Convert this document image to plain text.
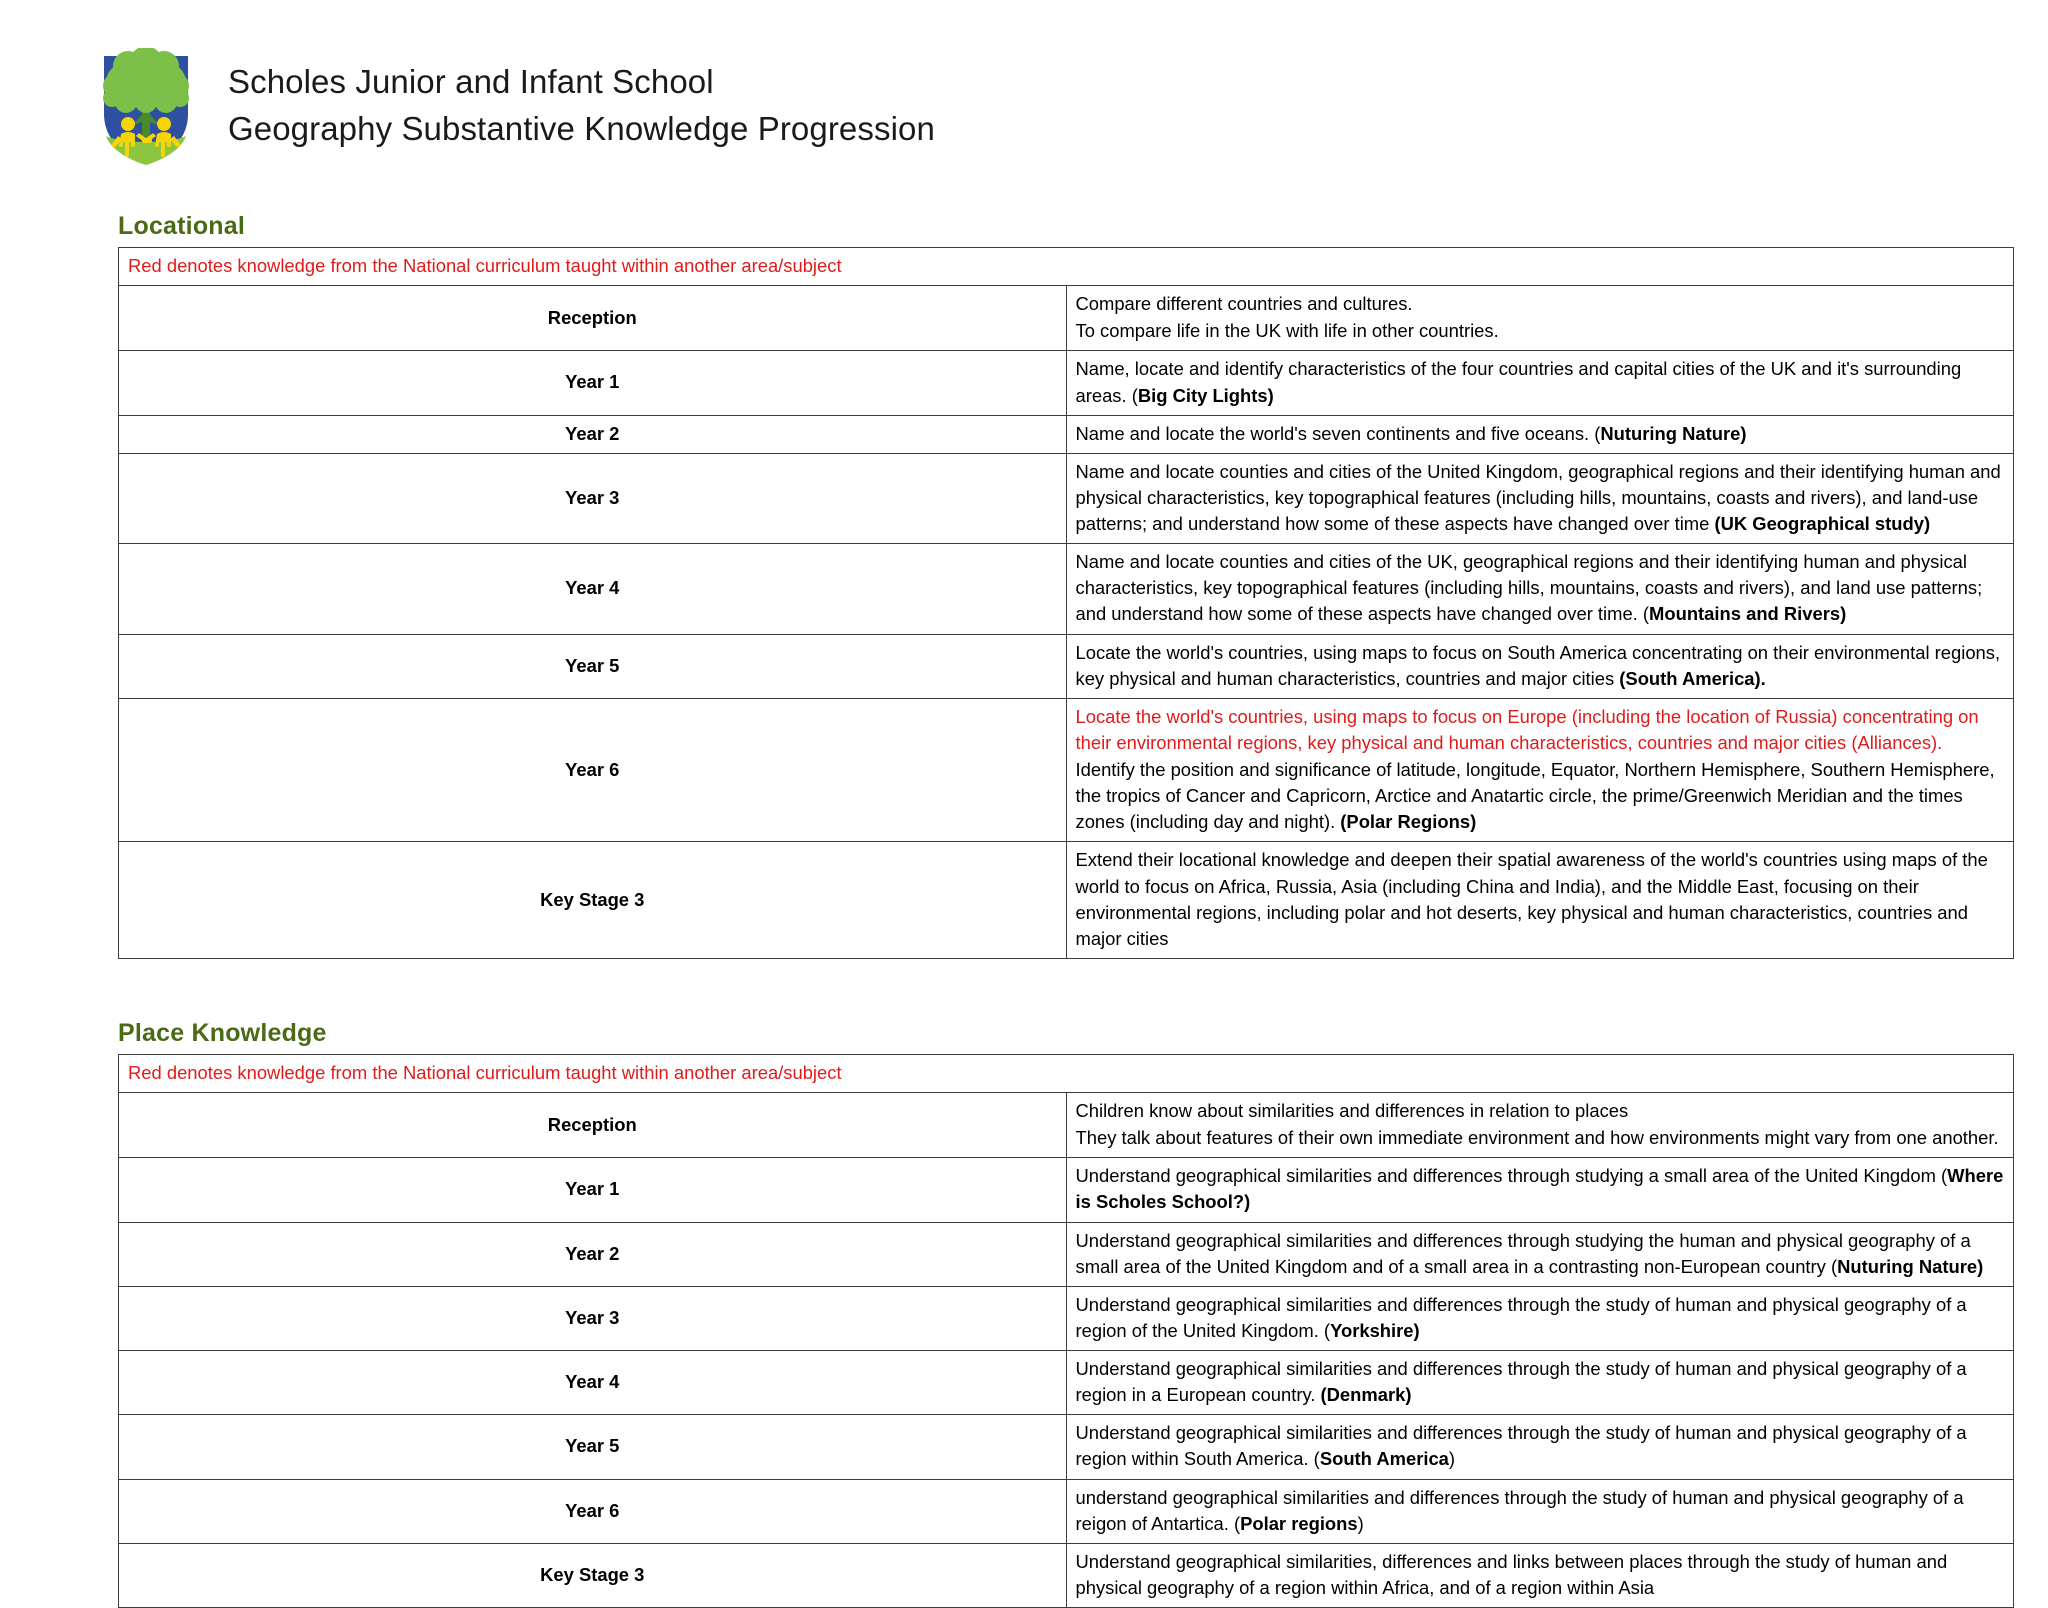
Scholes Junior and Infant School
Geography Substantive Knowledge Progression
Locational
Red denotes knowledge from the National curriculum taught within another area/subject	
Reception	Compare different countries and cultures.

To compare life in the UK with life in other countries.

Year 1	Name, locate and identify characteristics of the four countries and capital cities of the UK and it's surrounding areas. (Big City Lights)

Year 2	Name and locate the world's seven continents and five oceans. (Nuturing Nature)

Year 3	Name and locate counties and cities of the United Kingdom, geographical regions and their identifying human and physical characteristics, key topographical features (including hills, mountains, coasts and rivers), and land-use patterns; and understand how some of these aspects have changed over time (UK Geographical study)

Year 4	Name and locate counties and cities of the UK, geographical regions and their identifying human and physical characteristics, key topographical features (including hills, mountains, coasts and rivers), and land use patterns; and understand how some of these aspects have changed over time. (Mountains and Rivers)

Year 5	Locate the world's countries, using maps to focus on South America concentrating on their environmental regions, key physical and human characteristics, countries and major cities (South America).

Year 6	Locate the world's countries, using maps to focus on Europe (including the location of Russia) concentrating on their environmental regions, key physical and human characteristics, countries and major cities (Alliances).

Identify the position and significance of latitude, longitude, Equator, Northern Hemisphere, Southern Hemisphere, the tropics of Cancer and Capricorn, Arctice and Anatartic circle, the prime/Greenwich Meridian and the times zones (including day and night). (Polar Regions)

Key Stage 3	Extend their locational knowledge and deepen their spatial awareness of the world's countries using maps of the world to focus on Africa, Russia, Asia (including China and India), and the Middle East, focusing on their environmental regions, including polar and hot deserts, key physical and human characteristics, countries and major cities

Place Knowledge
Red denotes knowledge from the National curriculum taught within another area/subject	
Reception	Children know about similarities and differences in relation to places

They talk about features of their own immediate environment and how environments might vary from one another.

Year 1	Understand geographical similarities and differences through studying a small area of the United Kingdom (Where is Scholes School?)

Year 2	Understand geographical similarities and differences through studying the human and physical geography of a small area of the United Kingdom and of a small area in a contrasting non-European country (Nuturing Nature)

Year 3	Understand geographical similarities and differences through the study of human and physical geography of a region of the United Kingdom. (Yorkshire)

Year 4	Understand geographical similarities and differences through the study of human and physical geography of a region in a European country. (Denmark)

Year 5	Understand geographical similarities and differences through the study of human and physical geography of a region within South America. (South America)

Year 6	understand geographical similarities and differences through the study of human and physical geography of a reigon of Antartica. (Polar regions)

Key Stage 3	Understand geographical similarities, differences and links between places through the study of human and physical geography of a region within Africa, and of a region within Asia
